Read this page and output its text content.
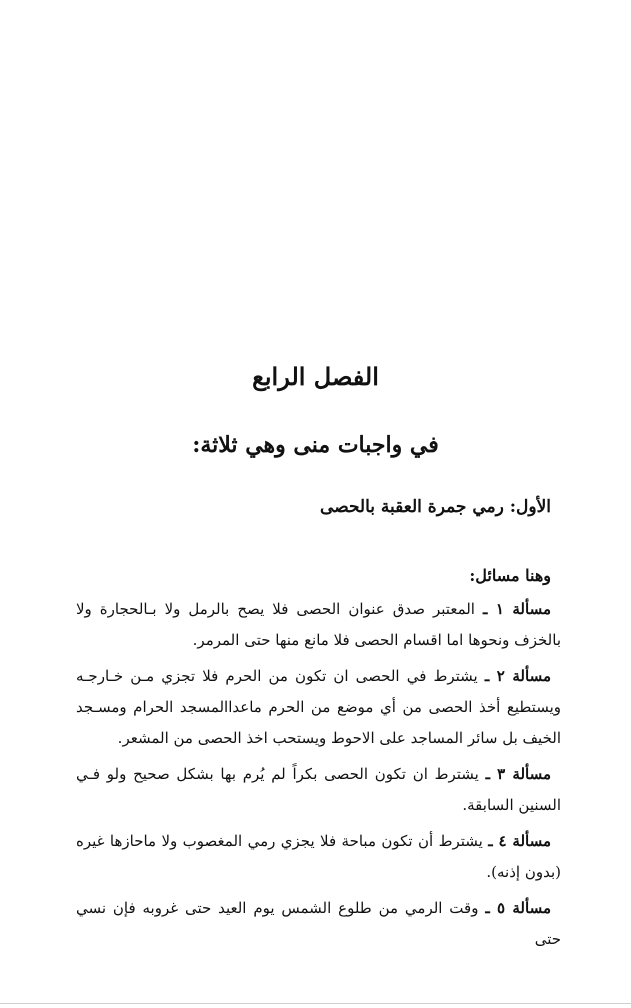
الفصل الرابع
في واجبات منى وهي ثلاثة:
الأول: رمي جمرة العقبة بالحصى

وهنا مسائل:

مسألة ١ ـ المعتبر صدق عنوان الحصى فلا يصح بالرمل ولا بـالحجارة ولا بالخزف ونحوها اما اقسام الحصى فلا مانع منها حتى المرمر.

مسألة ٢ ـ يشترط في الحصى ان تكون من الحرم فلا تجزي مـن خـارجـه ويستطيع أخذ الحصى من أي موضع من الحرم ماعداالمسجد الحرام ومسـجد الخيف بل سائر المساجد على الاحوط ويستحب اخذ الحصى من المشعر.

مسألة ٣ ـ يشترط ان تكون الحصى بكراً لم يُرم بها بشكل صحيح ولو فـي السنين السابقة.

مسألة ٤ ـ يشترط أن تكون مباحة فلا يجزي رمي المغصوب ولا ماحازها غيره (بدون إذنه).

مسألة ٥ ـ وقت الرمي من طلوع الشمس يوم العيد حتى غروبه فإن نسي حتى
